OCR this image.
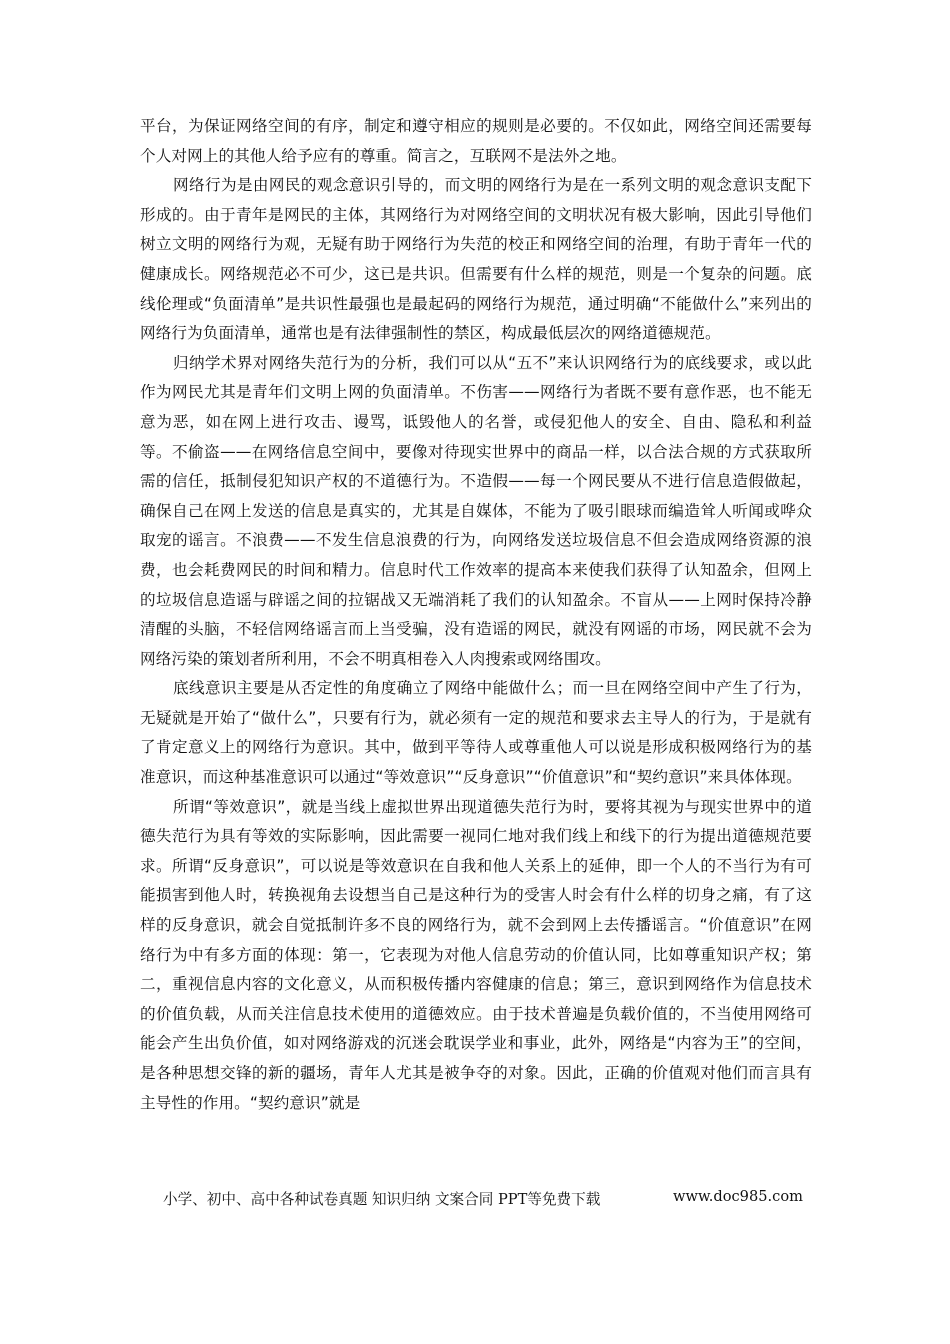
平台，为保证网络空间的有序，制定和遵守相应的规则是必要的。不仅如此，网络空间还需要每个人对网上的其他人给予应有的尊重。简言之，互联网不是法外之地。

网络行为是由网民的观念意识引导的，而文明的网络行为是在一系列文明的观念意识支配下形成的。由于青年是网民的主体，其网络行为对网络空间的文明状况有极大影响，因此引导他们树立文明的网络行为观，无疑有助于网络行为失范的校正和网络空间的治理，有助于青年一代的健康成长。网络规范必不可少，这已是共识。但需要有什么样的规范，则是一个复杂的问题。底线伦理或“负面清单”是共识性最强也是最起码的网络行为规范，通过明确“不能做什么”来列出的网络行为负面清单，通常也是有法律强制性的禁区，构成最低层次的网络道德规范。

归纳学术界对网络失范行为的分析，我们可以从“五不”来认识网络行为的底线要求，或以此作为网民尤其是青年们文明上网的负面清单。不伤害——网络行为者既不要有意作恶，也不能无意为恶，如在网上进行攻击、谩骂，诋毁他人的名誉，或侵犯他人的安全、自由、隐私和利益等。不偷盗——在网络信息空间中，要像对待现实世界中的商品一样，以合法合规的方式获取所需的信任，抵制侵犯知识产权的不道德行为。不造假——每一个网民要从不进行信息造假做起，确保自己在网上发送的信息是真实的，尤其是自媒体，不能为了吸引眼球而编造耸人听闻或哗众取宠的谣言。不浪费——不发生信息浪费的行为，向网络发送垃圾信息不但会造成网络资源的浪费，也会耗费网民的时间和精力。信息时代工作效率的提高本来使我们获得了认知盈余，但网上的垃圾信息造谣与辟谣之间的拉锯战又无端消耗了我们的认知盈余。不盲从——上网时保持冷静清醒的头脑，不轻信网络谣言而上当受骗，没有造谣的网民，就没有网谣的市场，网民就不会为网络污染的策划者所利用，不会不明真相卷入人肉搜索或网络围攻。

底线意识主要是从否定性的角度确立了网络中能做什么；而一旦在网络空间中产生了行为，无疑就是开始了“做什么”，只要有行为，就必须有一定的规范和要求去主导人的行为，于是就有了肯定意义上的网络行为意识。其中，做到平等待人或尊重他人可以说是形成积极网络行为的基准意识，而这种基准意识可以通过“等效意识”“反身意识”“价值意识”和“契约意识”来具体体现。

所谓“等效意识”，就是当线上虚拟世界出现道德失范行为时，要将其视为与现实世界中的道德失范行为具有等效的实际影响，因此需要一视同仁地对我们线上和线下的行为提出道德规范要求。所谓“反身意识”，可以说是等效意识在自我和他人关系上的延伸，即一个人的不当行为有可能损害到他人时，转换视角去设想当自己是这种行为的受害人时会有什么样的切身之痛，有了这样的反身意识，就会自觉抵制许多不良的网络行为，就不会到网上去传播谣言。“价值意识”在网络行为中有多方面的体现：第一，它表现为对他人信息劳动的价值认同，比如尊重知识产权；第二，重视信息内容的文化意义，从而积极传播内容健康的信息；第三，意识到网络作为信息技术的价值负载，从而关注信息技术使用的道德效应。由于技术普遍是负载价值的，不当使用网络可能会产生出负价值，如对网络游戏的沉迷会耽误学业和事业，此外，网络是“内容为王”的空间，是各种思想交锋的新的疆场，青年人尤其是被争夺的对象。因此，正确的价值观对他们而言具有主导性的作用。“契约意识”就是

小学、初中、高中各种试卷真题 知识归纳 文案合同 PPT等免费下载	www.doc985.com
